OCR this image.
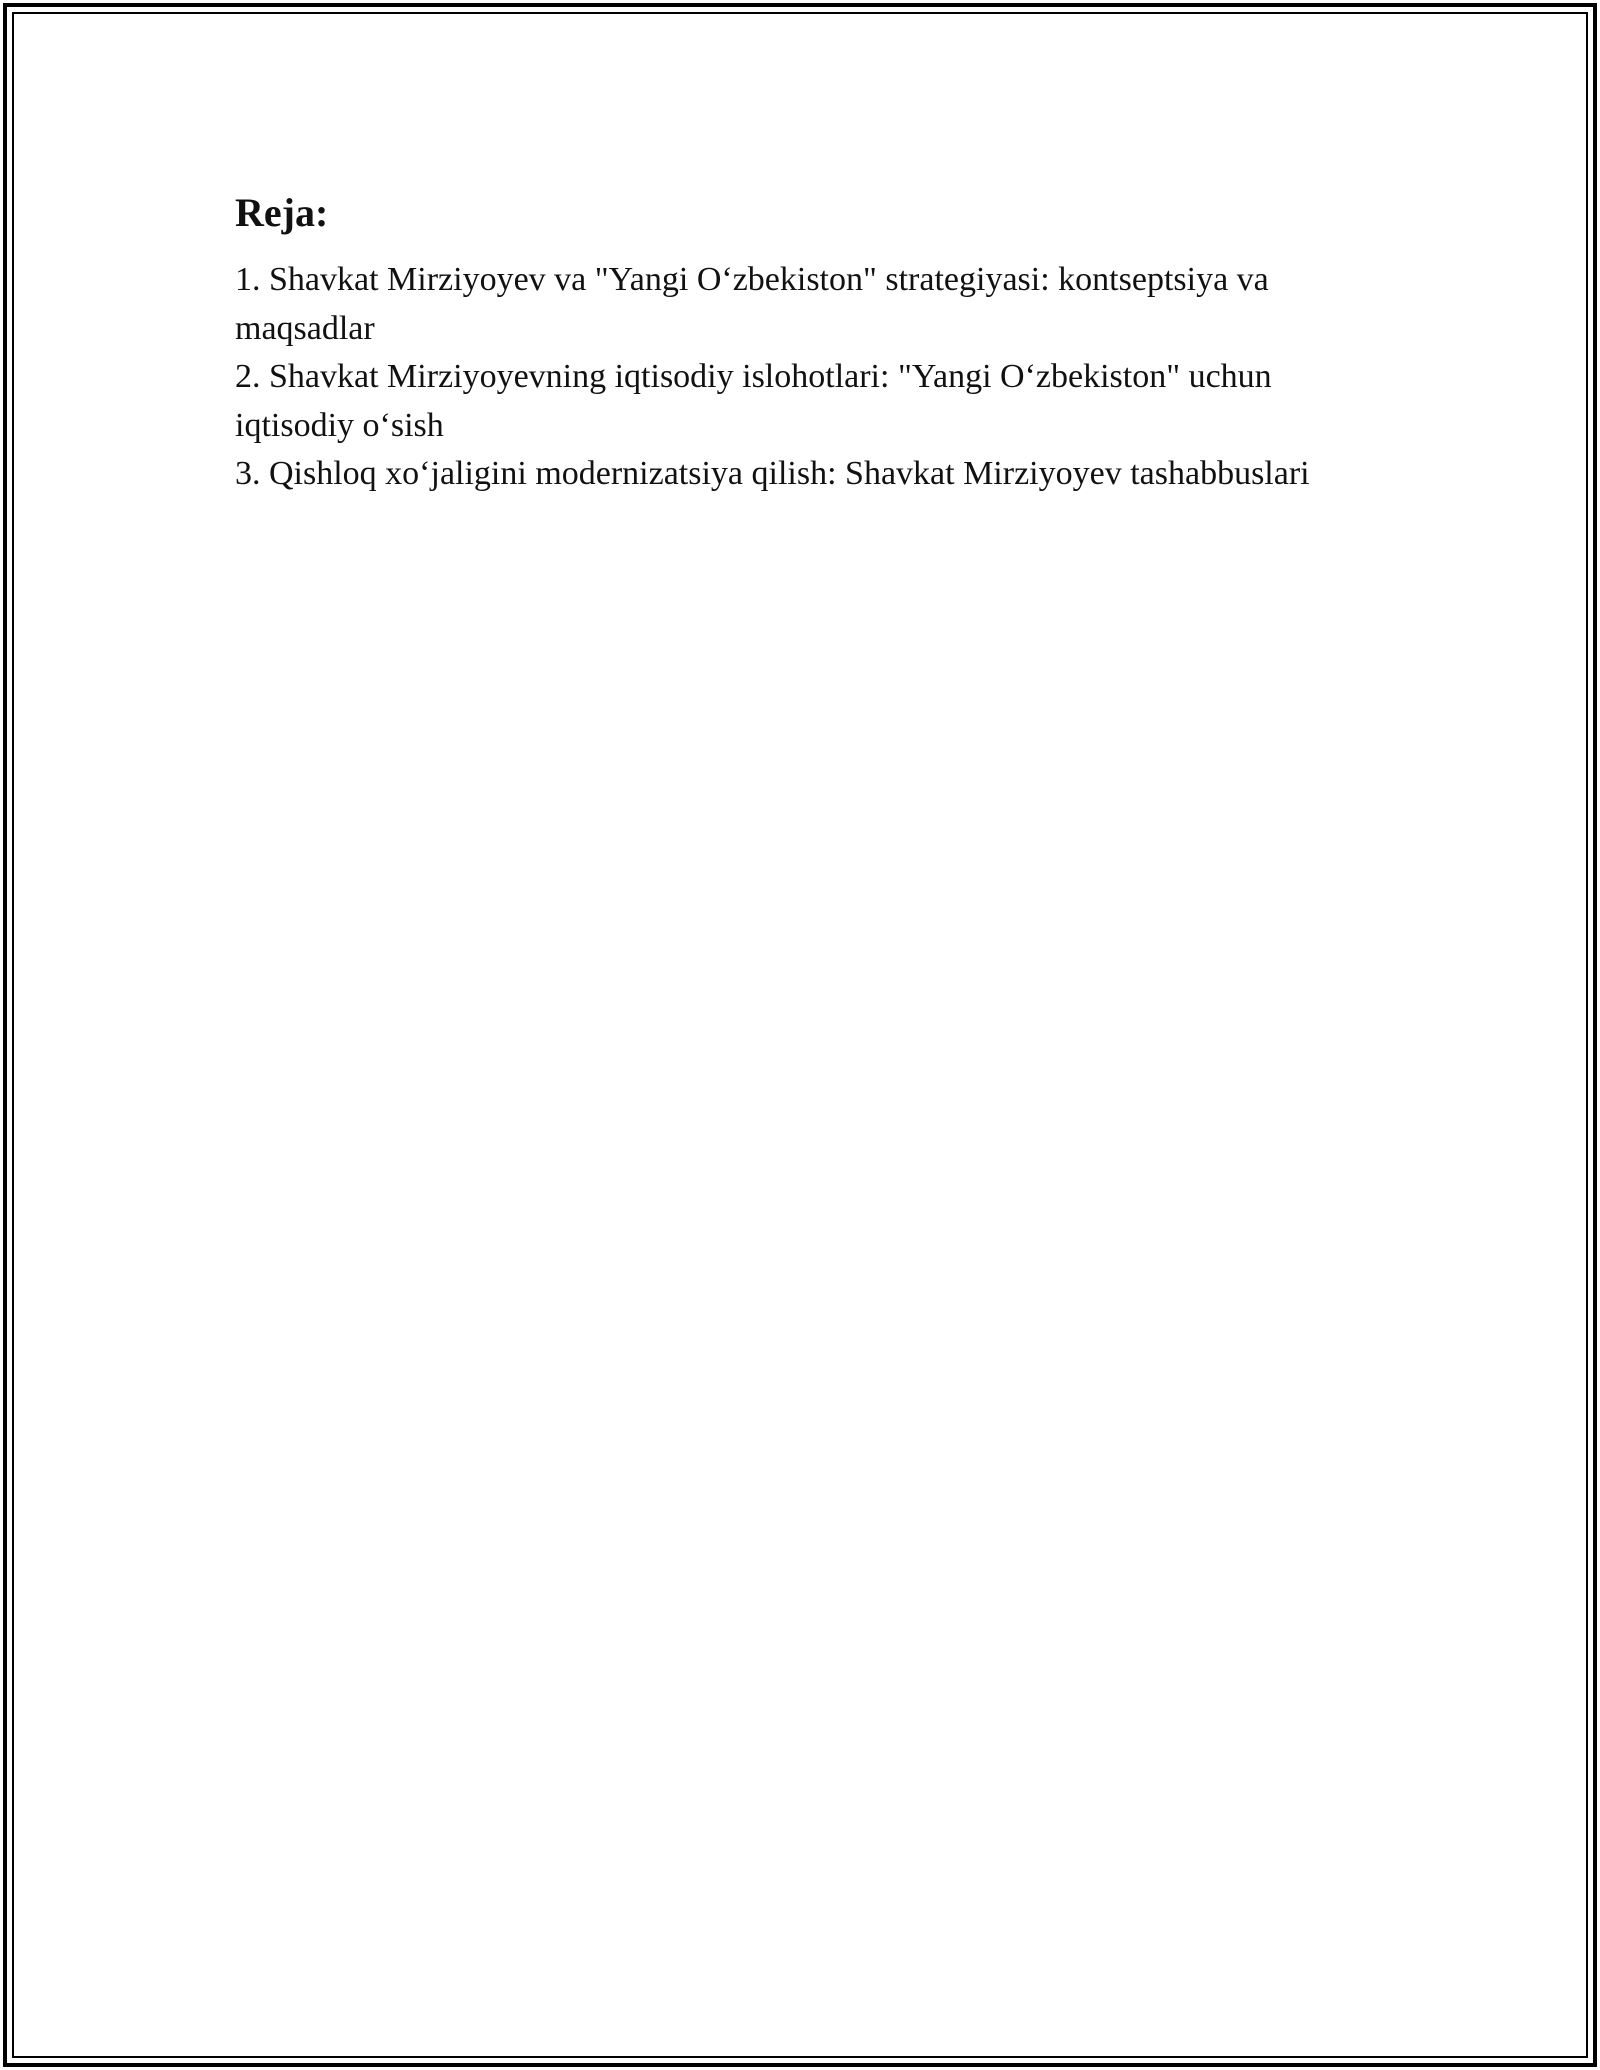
Reja:
1. Shavkat Mirziyoyev va "Yangi O‘zbekiston" strategiyasi: kontseptsiya va maqsadlar
2. Shavkat Mirziyoyevning iqtisodiy islohotlari: "Yangi O‘zbekiston" uchun iqtisodiy o‘sish
3. Qishloq xo‘jaligini modernizatsiya qilish: Shavkat Mirziyoyev tashabbuslari
